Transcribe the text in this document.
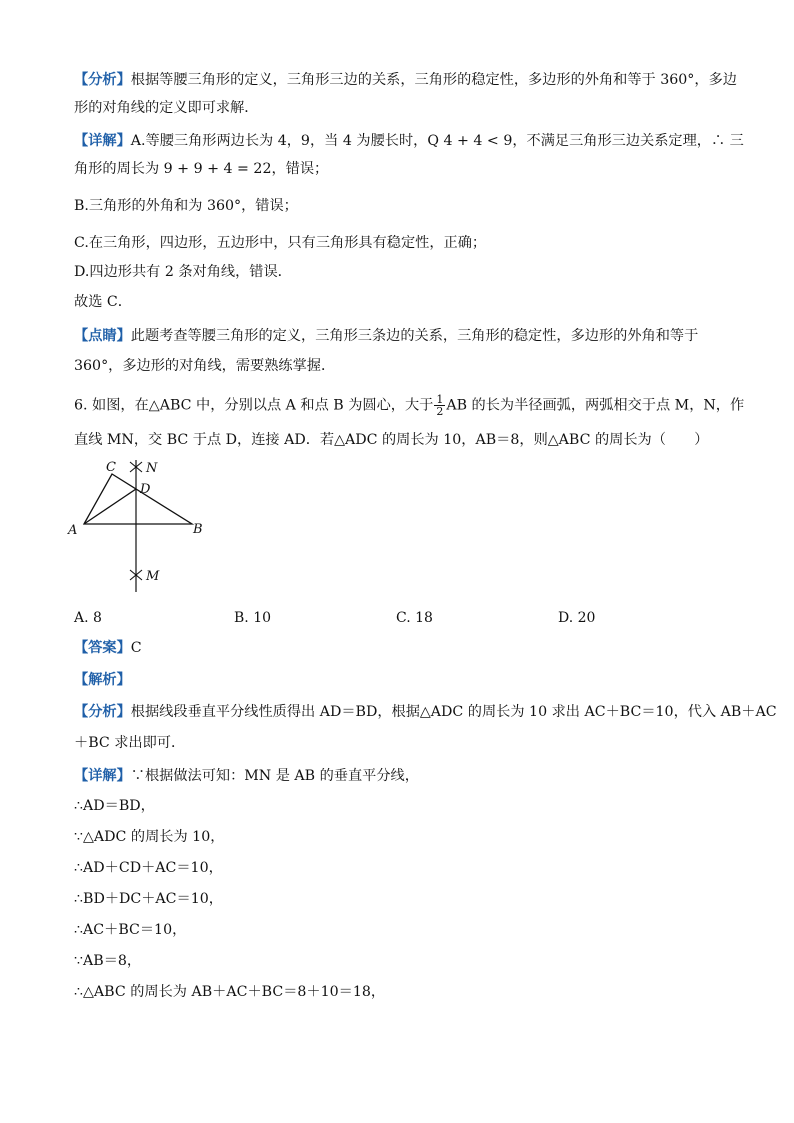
【分析】根据等腰三角形的定义，三角形三边的关系，三角形的稳定性，多边形的外角和等于 360°，多边
形的对角线的定义即可求解．
【详解】A.等腰三角形两边长为 4，9，当 4 为腰长时，Q 4 + 4 < 9，不满足三角形三边关系定理，∴ 三
角形的周长为 9 + 9 + 4 = 22，错误；
B.三角形的外角和为 360°，错误；
C.在三角形，四边形，五边形中，只有三角形具有稳定性，正确；
D.四边形共有 2 条对角线，错误．
故选 C．
【点睛】此题考查等腰三角形的定义，三角形三条边的关系，三角形的稳定性，多边形的外角和等于
360°，多边形的对角线，需要熟练掌握．
6. 如图，在△ABC 中，分别以点 A 和点 B 为圆心，大于 $\frac{1}{2}$ AB 的长为半径画弧，两弧相交于点 M，N，作
直线 MN，交 BC 于点 D，连接 AD．若△ADC 的周长为 10，AB＝8，则△ABC 的周长为（　　）
A	B
C
D
M
N
A. 8	B. 10	C. 18	D. 20
【答案】C
【解析】
【分析】根据线段垂直平分线性质得出 AD＝BD，根据△ADC 的周长为 10 求出 AC＋BC＝10，代入 AB＋AC
＋BC 求出即可．
【详解】∵根据做法可知：MN 是 AB 的垂直平分线，
∴AD＝BD，
∵△ADC 的周长为 10，
∴AD＋CD＋AC＝10，
∴BD＋DC＋AC＝10，
∴AC＋BC＝10，
∵AB＝8，
∴△ABC 的周长为 AB＋AC＋BC＝8＋10＝18，
